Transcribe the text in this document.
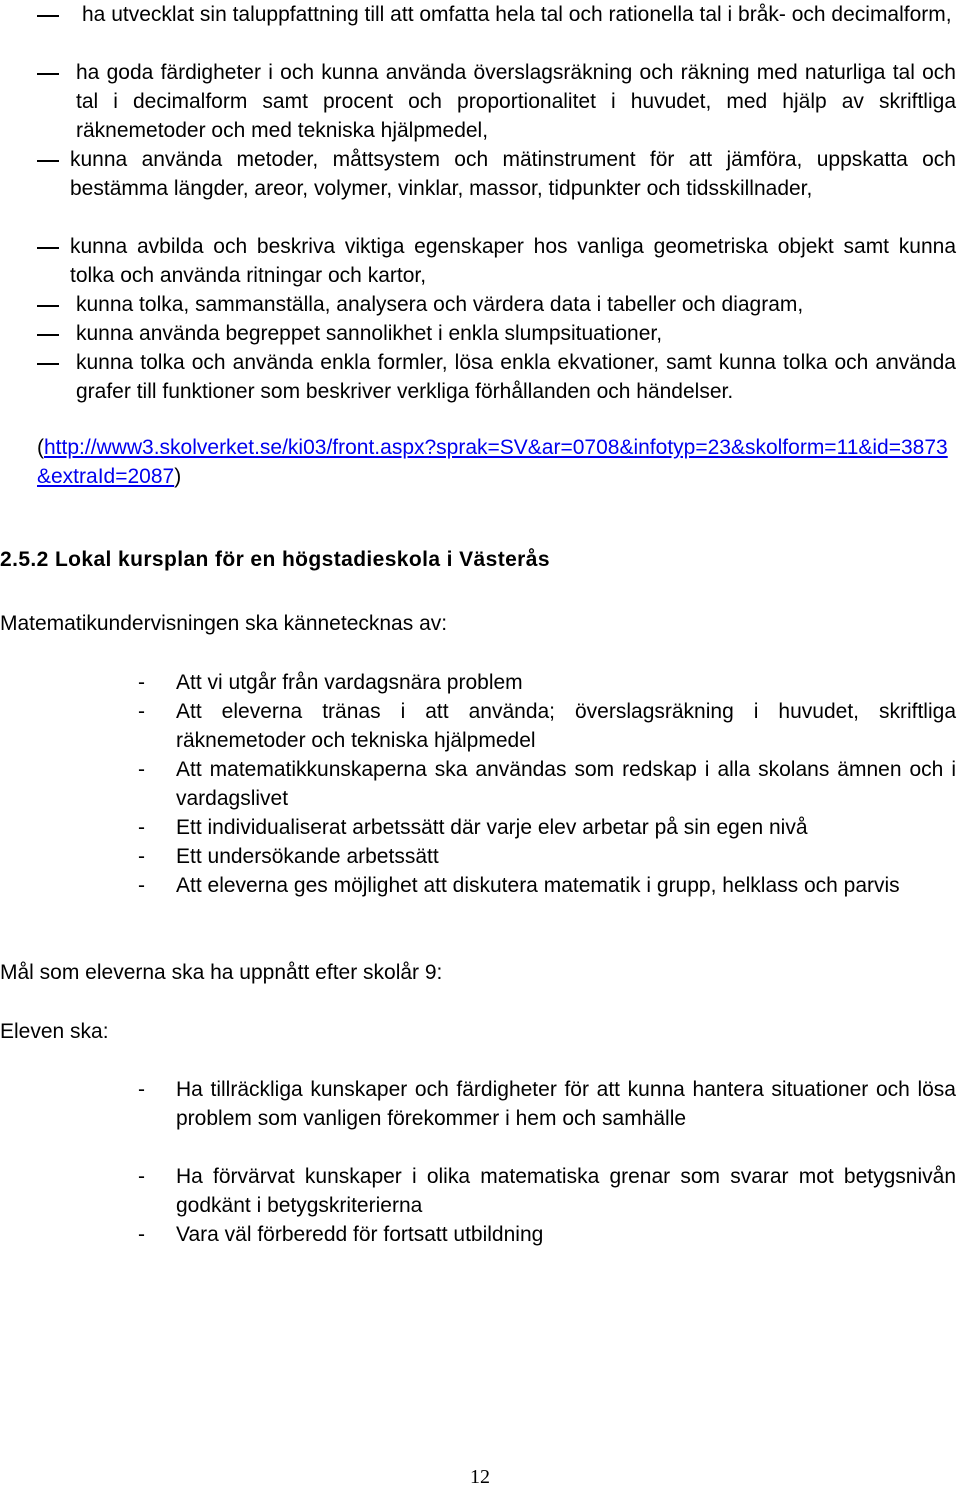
ha utvecklat sin taluppfattning till att omfatta hela tal och rationella tal i bråk- och decimalform,

ha goda färdigheter i och kunna använda överslagsräkning och räkning med naturliga tal och tal i decimalform samt procent och proportionalitet i huvudet, med hjälp av skriftliga räknemetoder och med tekniska hjälpmedel,

kunna använda metoder, måttsystem och mätinstrument för att jämföra, uppskatta och bestämma längder, areor, volymer, vinklar, massor, tidpunkter och tidsskillnader,

kunna avbilda och beskriva viktiga egenskaper hos vanliga geometriska objekt samt kunna tolka och använda ritningar och kartor,

kunna tolka, sammanställa, analysera och värdera data i tabeller och diagram,

kunna använda begreppet sannolikhet i enkla slumpsituationer,

kunna tolka och använda enkla formler, lösa enkla ekvationer, samt kunna tolka och använda grafer till funktioner som beskriver verkliga förhållanden och händelser.

(http://www3.skolverket.se/ki03/front.aspx?sprak=SV&ar=0708&infotyp=23&skolform=11&id=3873&extraId=2087)
2.5.2 Lokal kursplan för en högstadieskola i Västerås

Matematikundervisningen ska kännetecknas av:

- Att vi utgår från vardagsnära problem

- Att eleverna tränas i att använda; överslagsräkning i huvudet, skriftliga räknemetoder och tekniska hjälpmedel

- Att matematikkunskaperna ska användas som redskap i alla skolans ämnen och i vardagslivet

- Ett individualiserat arbetssätt där varje elev arbetar på sin egen nivå

- Ett undersökande arbetssätt

- Att eleverna ges möjlighet att diskutera matematik i grupp, helklass och parvis

Mål som eleverna ska ha uppnått efter skolår 9:

Eleven ska:

- Ha tillräckliga kunskaper och färdigheter för att kunna hantera situationer och lösa problem som vanligen förekommer i hem och samhälle

- Ha förvärvat kunskaper i olika matematiska grenar som svarar mot betygsnivån godkänt i betygskriterierna

- Vara väl förberedd för fortsatt utbildning

12
